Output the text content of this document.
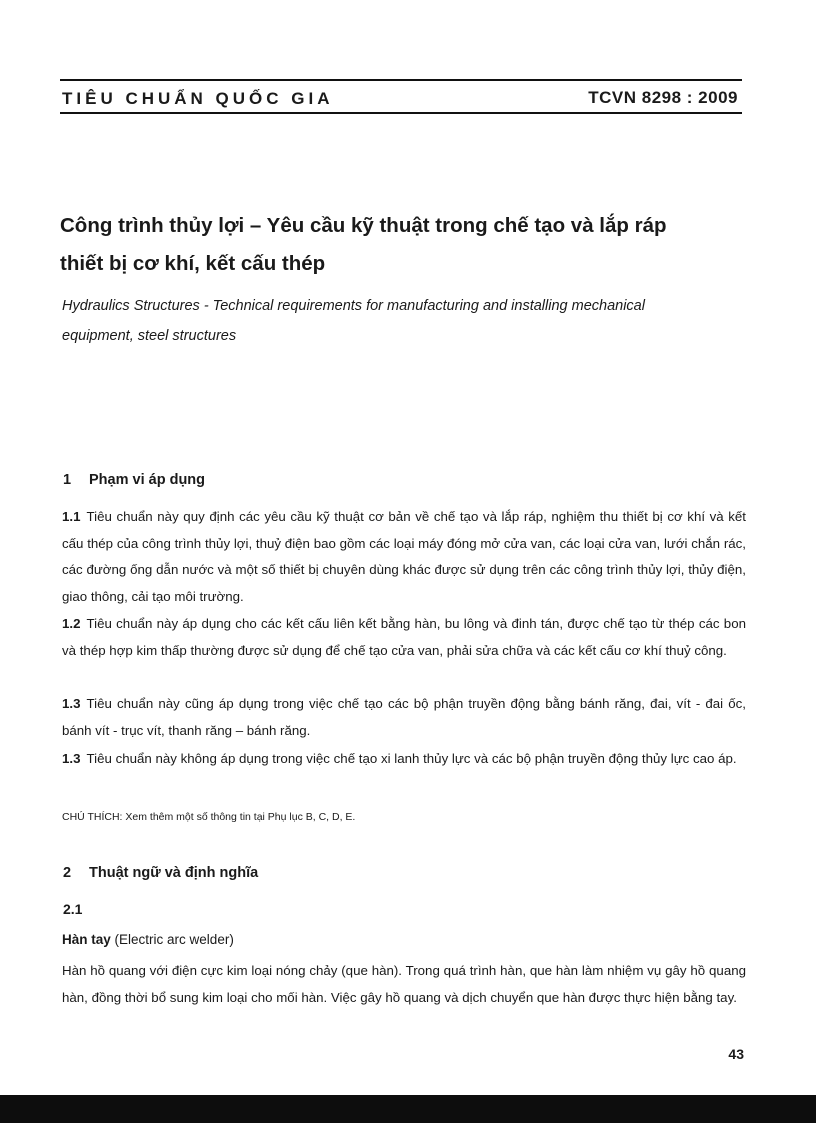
TIÊU CHUẨN QUỐC GIA	TCVN 8298 : 2009
Công trình thủy lợi – Yêu cầu kỹ thuật trong chế tạo và lắp ráp
thiết bị cơ khí, kết cấu thép
Hydraulics Structures - Technical requirements for manufacturing and installing mechanical
equipment, steel structures
1 Phạm vi áp dụng
1.1 Tiêu chuẩn này quy định các yêu cầu kỹ thuật cơ bản về chế tạo và lắp ráp, nghiệm thu thiết bị cơ khí và kết cấu thép của công trình thủy lợi, thuỷ điện bao gồm các loại máy đóng mở cửa van, các loại cửa van, lưới chắn rác, các đường ống dẫn nước và một số thiết bị chuyên dùng khác được sử dụng trên các công trình thủy lợi, thủy điện, giao thông, cải tạo môi trường.
1.2 Tiêu chuẩn này áp dụng cho các kết cấu liên kết bằng hàn, bu lông và đinh tán, được chế tạo từ thép các bon và thép hợp kim thấp thường được sử dụng để chế tạo cửa van, phải sửa chữa và các kết cấu cơ khí thuỷ công.
1.3 Tiêu chuẩn này cũng áp dụng trong việc chế tạo các bộ phận truyền động bằng bánh răng, đai, vít - đai ốc, bánh vít - trục vít, thanh răng – bánh răng.
1.3 Tiêu chuẩn này không áp dụng trong việc chế tạo xi lanh thủy lực và các bộ phận truyền động thủy lực cao áp.
CHÚ THÍCH: Xem thêm một số thông tin tại Phụ lục B, C, D, E.
2 Thuật ngữ và định nghĩa
2.1
Hàn tay (Electric arc welder)
Hàn hồ quang với điện cực kim loại nóng chảy (que hàn). Trong quá trình hàn, que hàn làm nhiệm vụ gây hồ quang hàn, đồng thời bổ sung kim loại cho mối hàn. Việc gây hồ quang và dịch chuyển que hàn được thực hiện bằng tay.
43
